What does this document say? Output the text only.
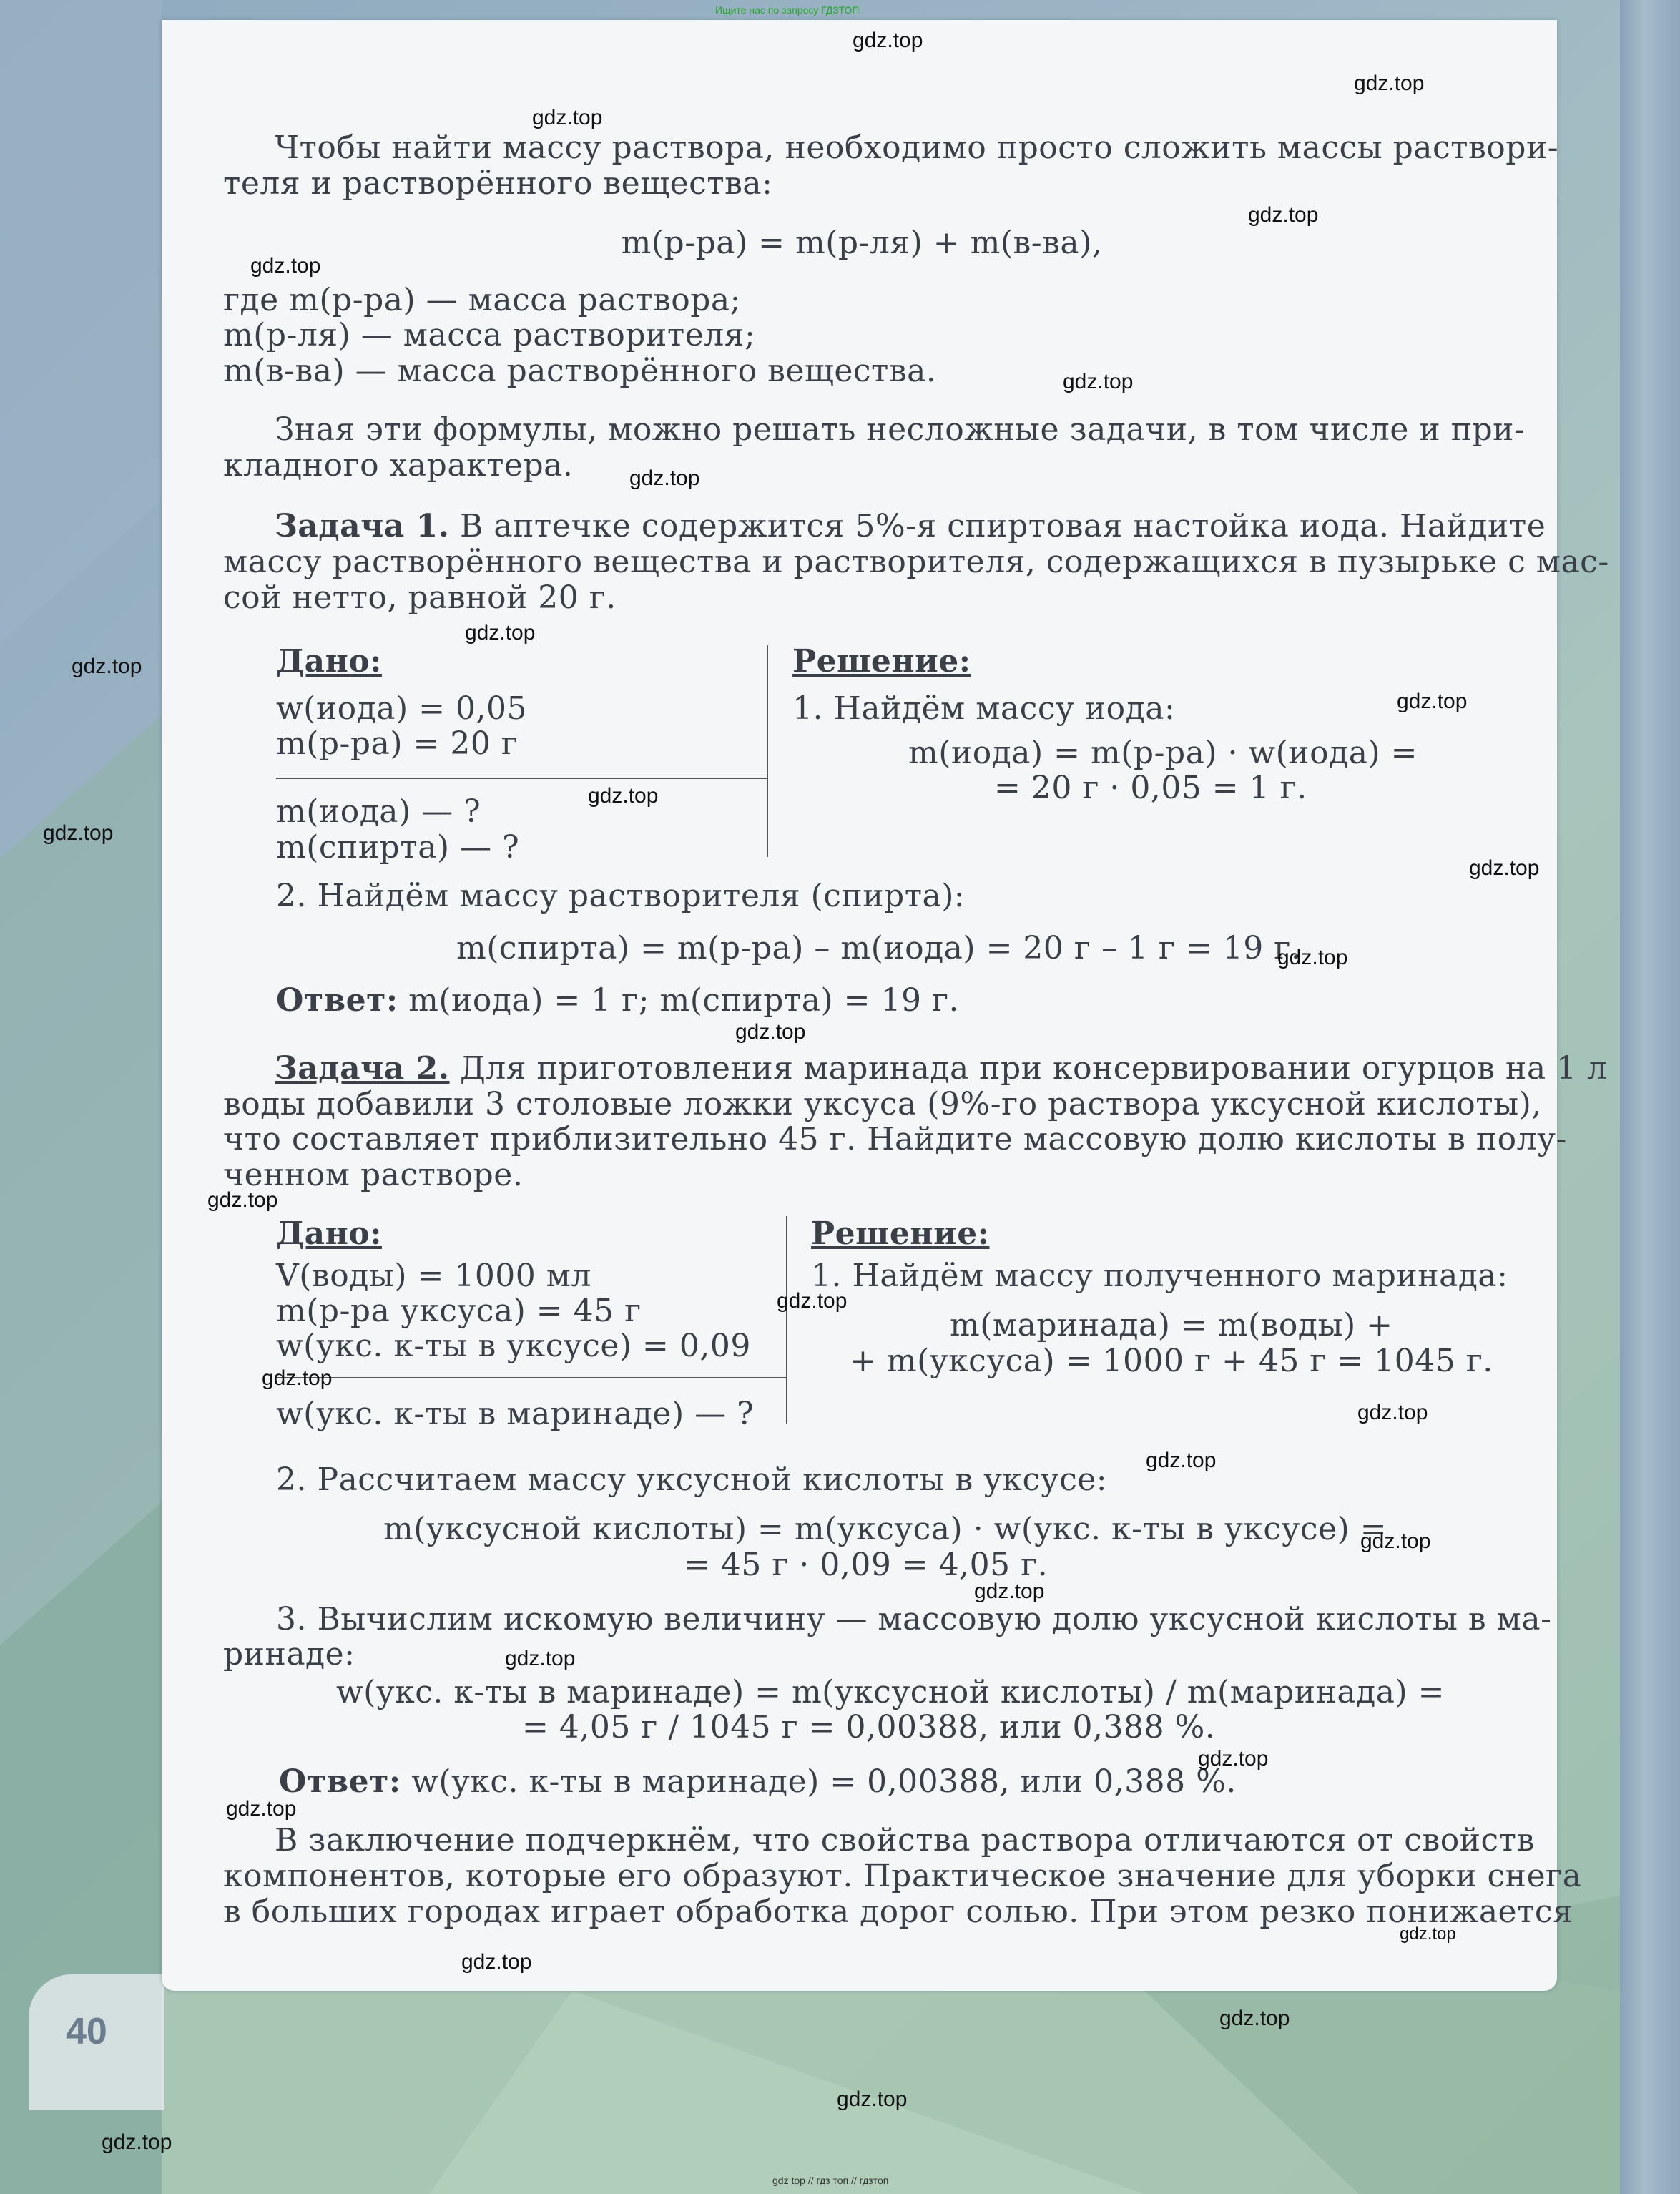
40
Ищите нас по запросу ГДЗТОП
Чтобы найти массу раствора, необходимо просто сложить массы раствори-
теля и растворённого вещества:
m(р-ра) = m(р-ля) + m(в-ва),
где m(р-ра) — масса раствора;
m(р-ля) — масса растворителя;
m(в-ва) — масса растворённого вещества.
Зная эти формулы, можно решать несложные задачи, в том числе и при-
кладного характера.
Задача 1. В аптечке содержится 5%-я спиртовая настойка иода. Найдите
массу растворённого вещества и растворителя, содержащихся в пузырьке с мас-
сой нетто, равной 20 г.
Дано:
w(иода) = 0,05
m(р-ра) = 20 г
m(иода) — ?
m(спирта) — ?
Решение:
1. Найдём массу иода:
m(иода) = m(р-ра) · w(иода) =
= 20 г · 0,05 = 1 г.
2. Найдём массу растворителя (спирта):
m(спирта) = m(р-ра) – m(иода) = 20 г – 1 г = 19 г.
Ответ: m(иода) = 1 г; m(спирта) = 19 г.
Задача 2. Для приготовления маринада при консервировании огурцов на 1 л
воды добавили 3 столовые ложки уксуса (9%-го раствора уксусной кислоты),
что составляет приблизительно 45 г. Найдите массовую долю кислоты в полу-
ченном растворе.
Дано:
V(воды) = 1000 мл
m(р-ра уксуса) = 45 г
w(укс. к-ты в уксусе) = 0,09
w(укс. к-ты в маринаде) — ?
Решение:
1. Найдём массу полученного маринада:
m(маринада) = m(воды) +
+ m(уксуса) = 1000 г + 45 г = 1045 г.
2. Рассчитаем массу уксусной кислоты в уксусе:
m(уксусной кислоты) = m(уксуса) · w(укс. к-ты в уксусе) =
= 45 г · 0,09 = 4,05 г.
3. Вычислим искомую величину — массовую долю уксусной кислоты в ма-
ринаде:
w(укс. к-ты в маринаде) = m(уксусной кислоты) / m(маринада) =
= 4,05 г / 1045 г = 0,00388, или 0,388 %.
Ответ: w(укс. к-ты в маринаде) = 0,00388, или 0,388 %.
В заключение подчеркнём, что свойства раствора отличаются от свойств
компонентов, которые его образуют. Практическое значение для уборки снега
в больших городах играет обработка дорог солью. При этом резко понижается
gdz.top
gdz.top
gdz.top
gdz.top
gdz.top
gdz.top
gdz.top
gdz.top
gdz.top
gdz.top
gdz.top
gdz.top
gdz.top
gdz.top
gdz.top
gdz.top
gdz.top
gdz.top
gdz.top
gdz.top
gdz.top
gdz.top
gdz.top
gdz.top
gdz.top
gdz.top
gdz.top
gdz.top
gdz.top
gdz.top
gdz top // гдз топ // гдзтоп
